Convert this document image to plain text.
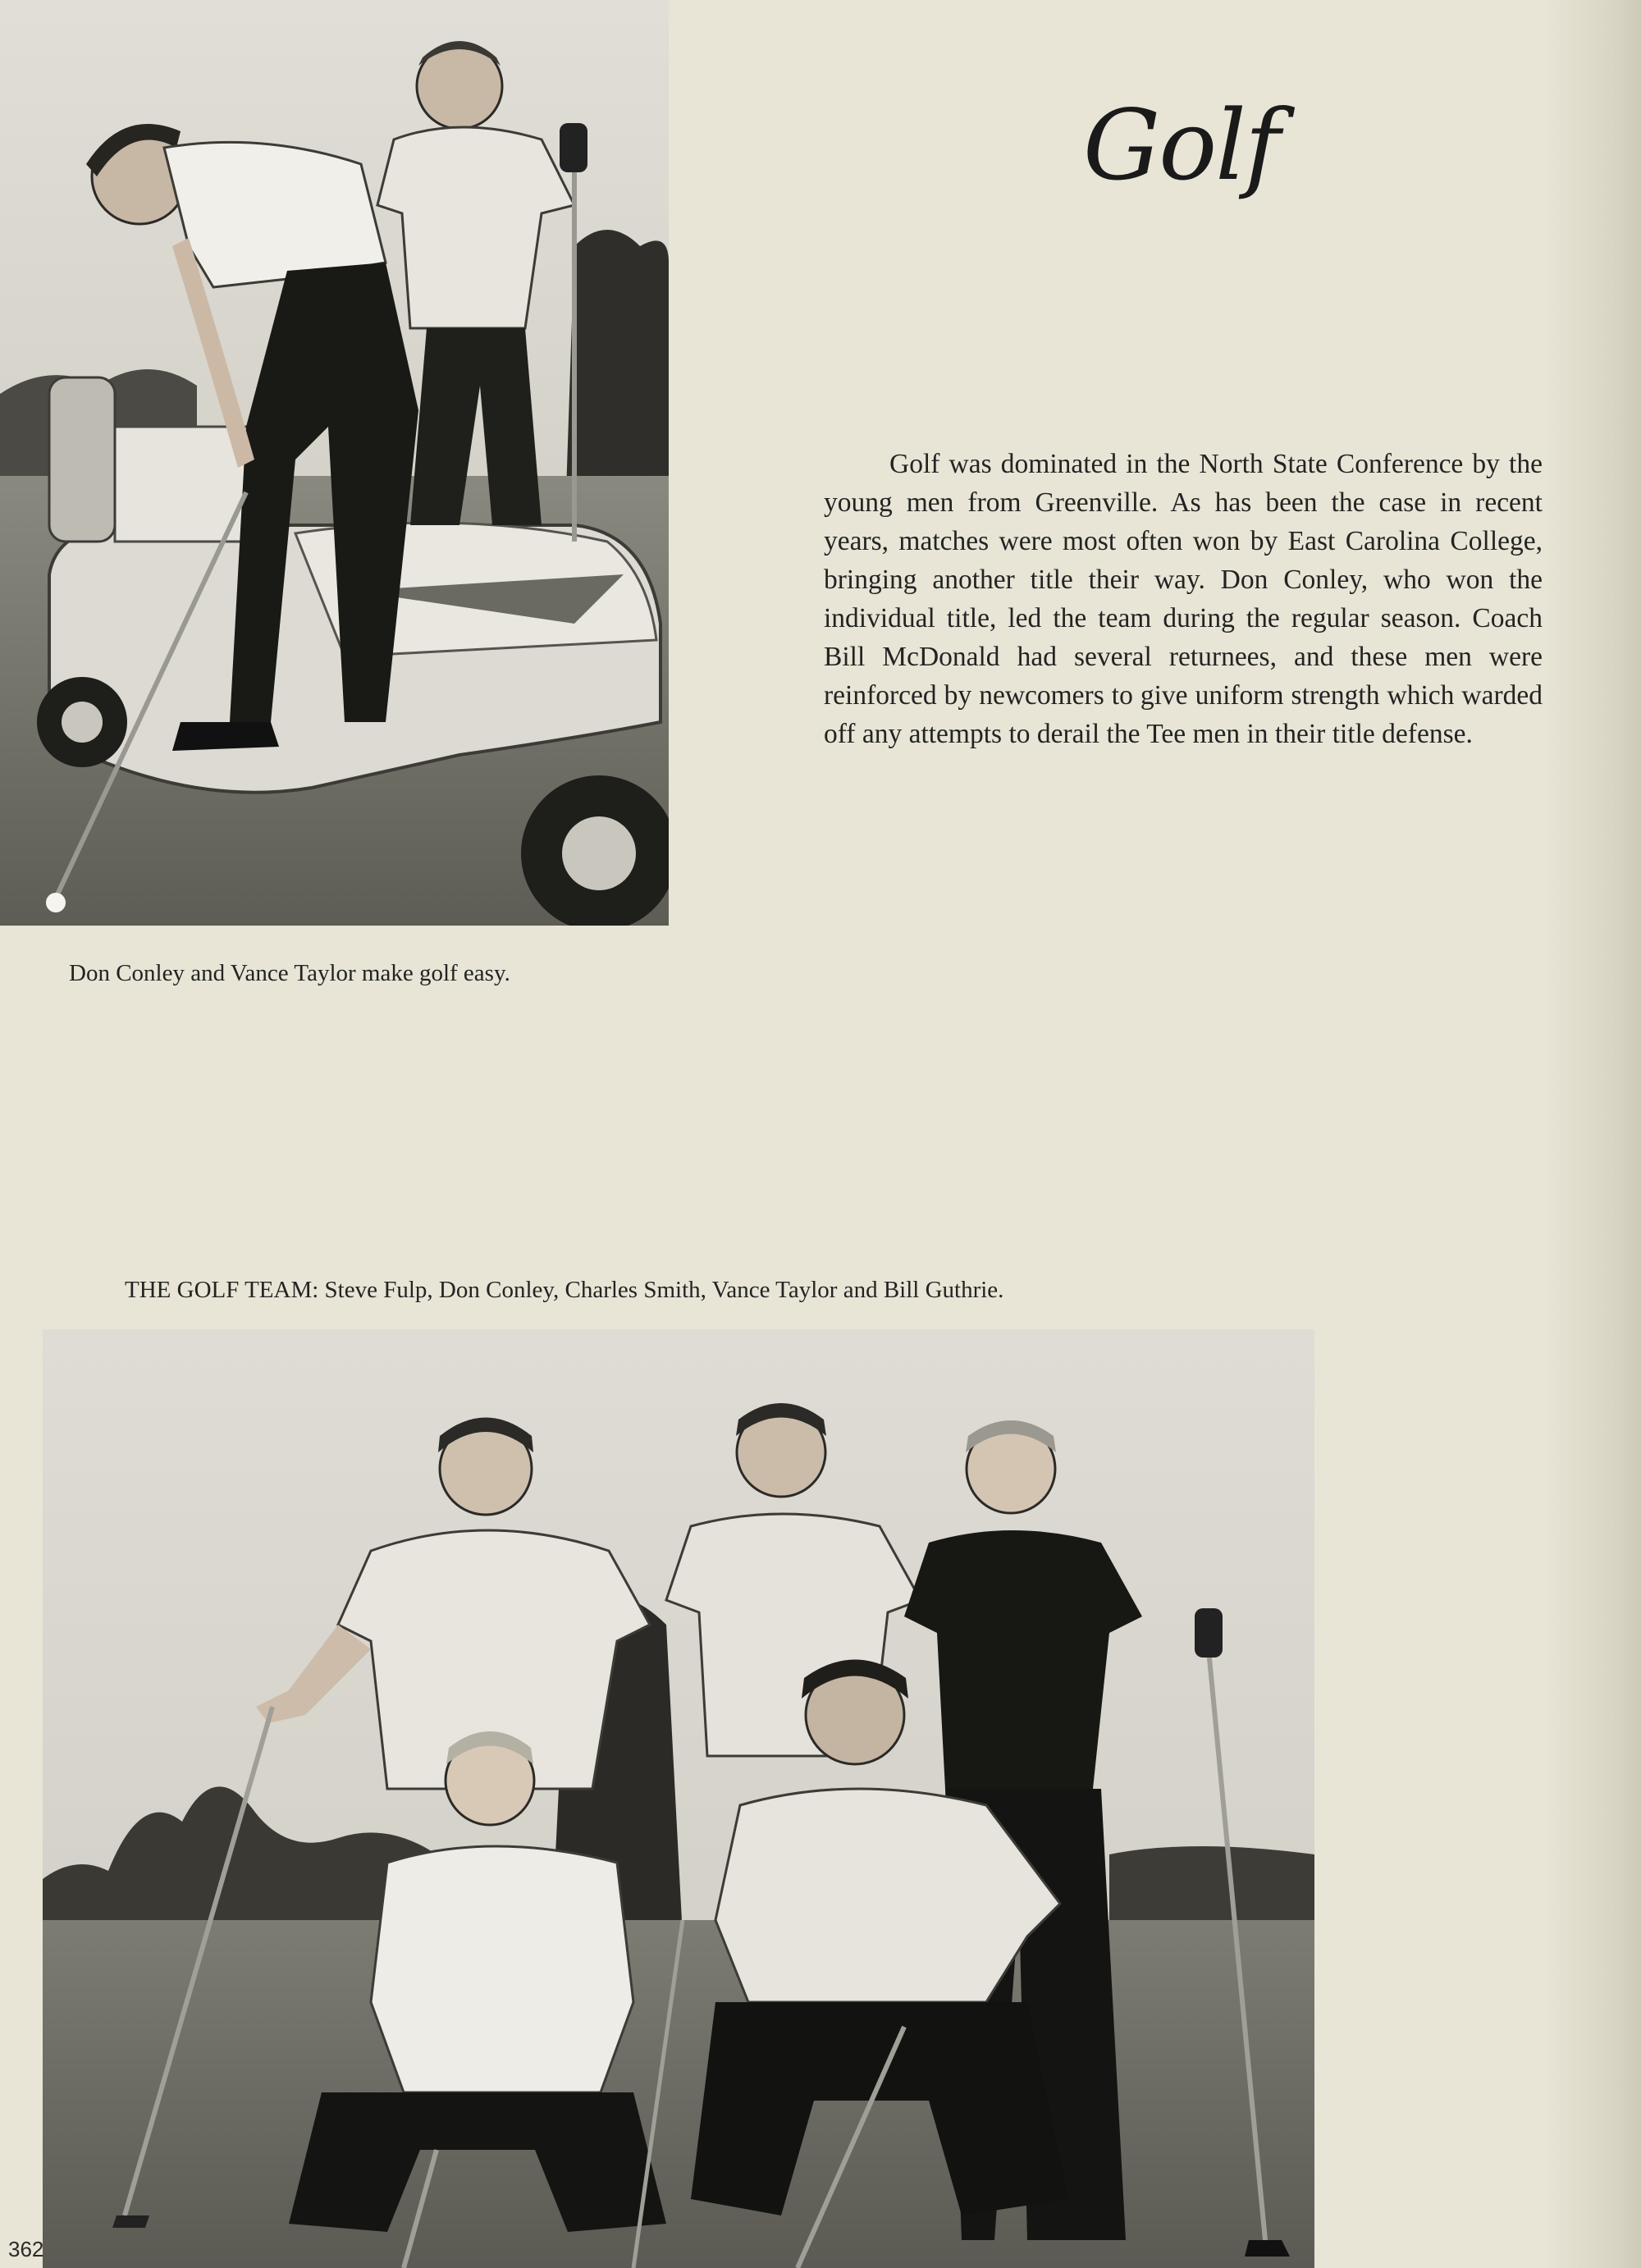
Golf

Golf was dominated in the North State Conference by the young men from Greenville. As has been the case in recent years, matches were most often won by East Carolina College, bringing another title their way. Don Conley, who won the individual title, led the team during the regular season. Coach Bill McDonald had several returnees, and these men were reinforced by newcomers to give uniform strength which warded off any attempts to derail the Tee men in their title defense.

Don Conley and Vance Taylor make golf easy.
THE GOLF TEAM: Steve Fulp, Don Conley, Charles Smith, Vance Taylor and Bill Guthrie.
362
